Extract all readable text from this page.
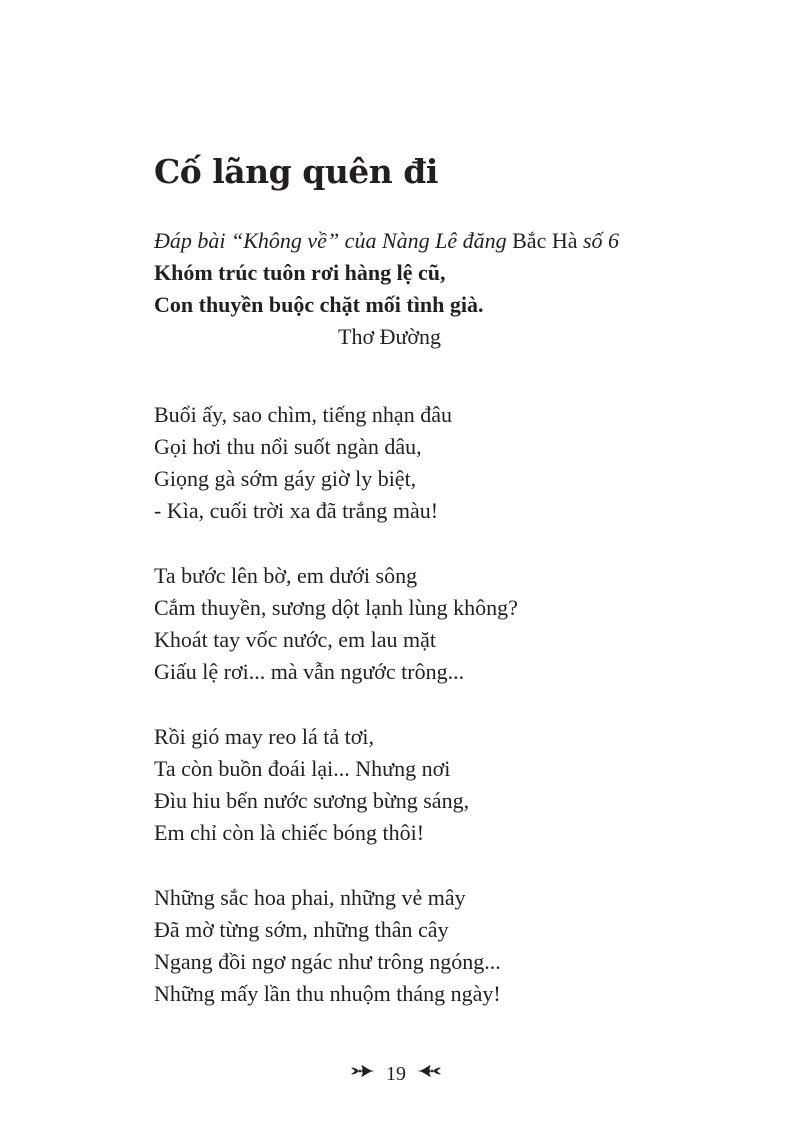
Cố lãng quên đi
Đáp bài “Không về” của Nàng Lê đăng Bắc Hà số 6
Khóm trúc tuôn rơi hàng lệ cũ,
Con thuyền buộc chặt mối tình già.
Thơ Đường
Buổi ấy, sao chìm, tiếng nhạn đâu
Gọi hơi thu nổi suốt ngàn dâu,
Giọng gà sớm gáy giờ ly biệt,
- Kìa, cuối trời xa đã trắng màu!
Ta bước lên bờ, em dưới sông
Cắm thuyền, sương dột lạnh lùng không?
Khoát tay vốc nước, em lau mặt
Giấu lệ rơi... mà vẫn ngước trông...
Rồi gió may reo lá tả tơi,
Ta còn buồn đoái lại... Nhưng nơi
Đìu hiu bến nước sương bừng sáng,
Em chỉ còn là chiếc bóng thôi!
Những sắc hoa phai, những vẻ mây
Đã mờ từng sớm, những thân cây
Ngang đồi ngơ ngác như trông ngóng...
Những mấy lần thu nhuộm tháng ngày!
19
